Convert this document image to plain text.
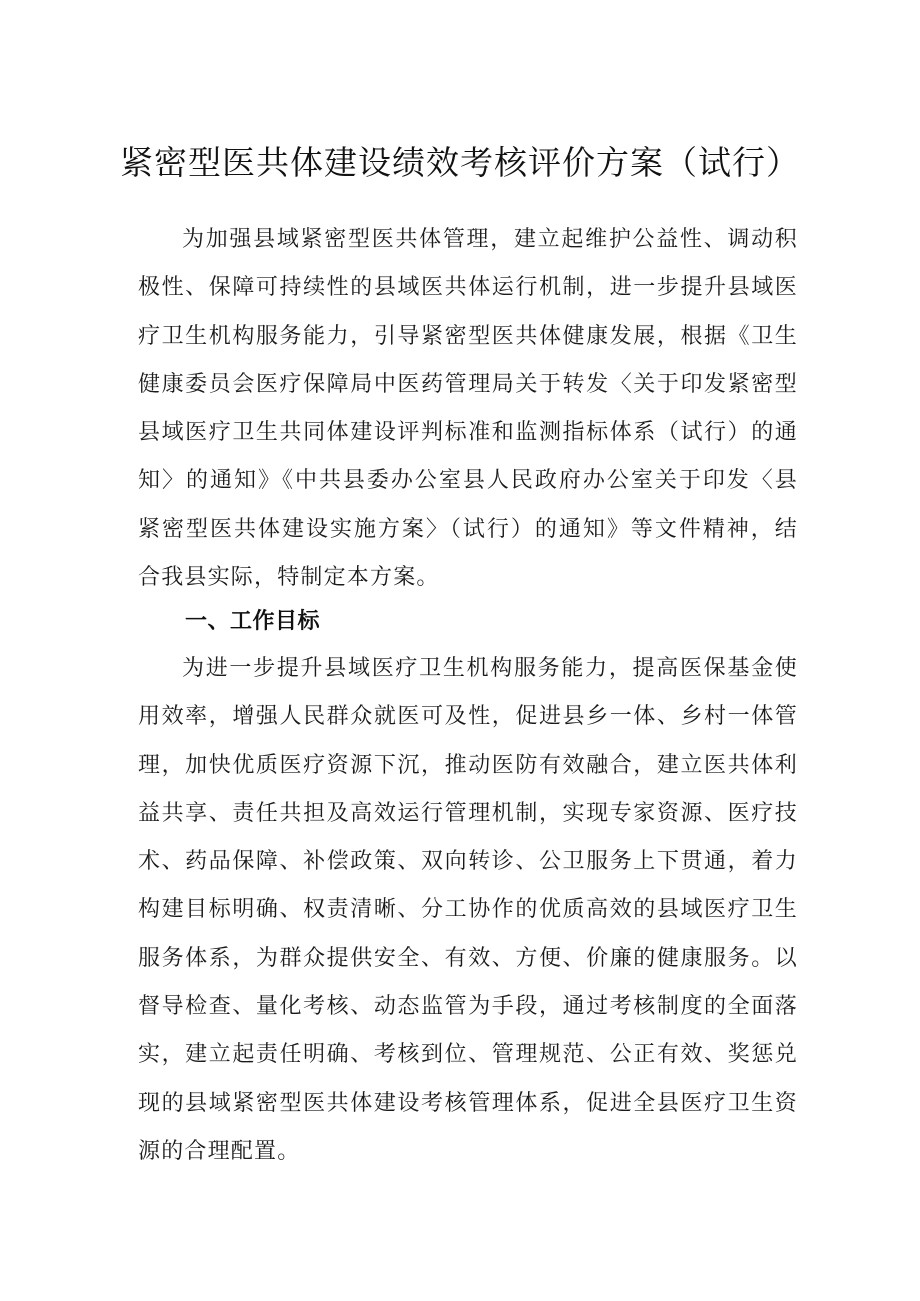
紧密型医共体建设绩效考核评价方案（试行）

为加强县域紧密型医共体管理，建立起维护公益性、调动积极性、保障可持续性的县域医共体运行机制，进一步提升县域医疗卫生机构服务能力，引导紧密型医共体健康发展，根据《卫生健康委员会医疗保障局中医药管理局关于转发〈关于印发紧密型县域医疗卫生共同体建设评判标准和监测指标体系（试行）的通知〉的通知》《中共县委办公室县人民政府办公室关于印发〈县紧密型医共体建设实施方案〉（试行）的通知》等文件精神，结合我县实际，特制定本方案。

一、工作目标

为进一步提升县域医疗卫生机构服务能力，提高医保基金使用效率，增强人民群众就医可及性，促进县乡一体、乡村一体管理，加快优质医疗资源下沉，推动医防有效融合，建立医共体利益共享、责任共担及高效运行管理机制，实现专家资源、医疗技术、药品保障、补偿政策、双向转诊、公卫服务上下贯通，着力构建目标明确、权责清晰、分工协作的优质高效的县域医疗卫生服务体系，为群众提供安全、有效、方便、价廉的健康服务。以督导检查、量化考核、动态监管为手段，通过考核制度的全面落实，建立起责任明确、考核到位、管理规范、公正有效、奖惩兑现的县域紧密型医共体建设考核管理体系，促进全县医疗卫生资源的合理配置。
